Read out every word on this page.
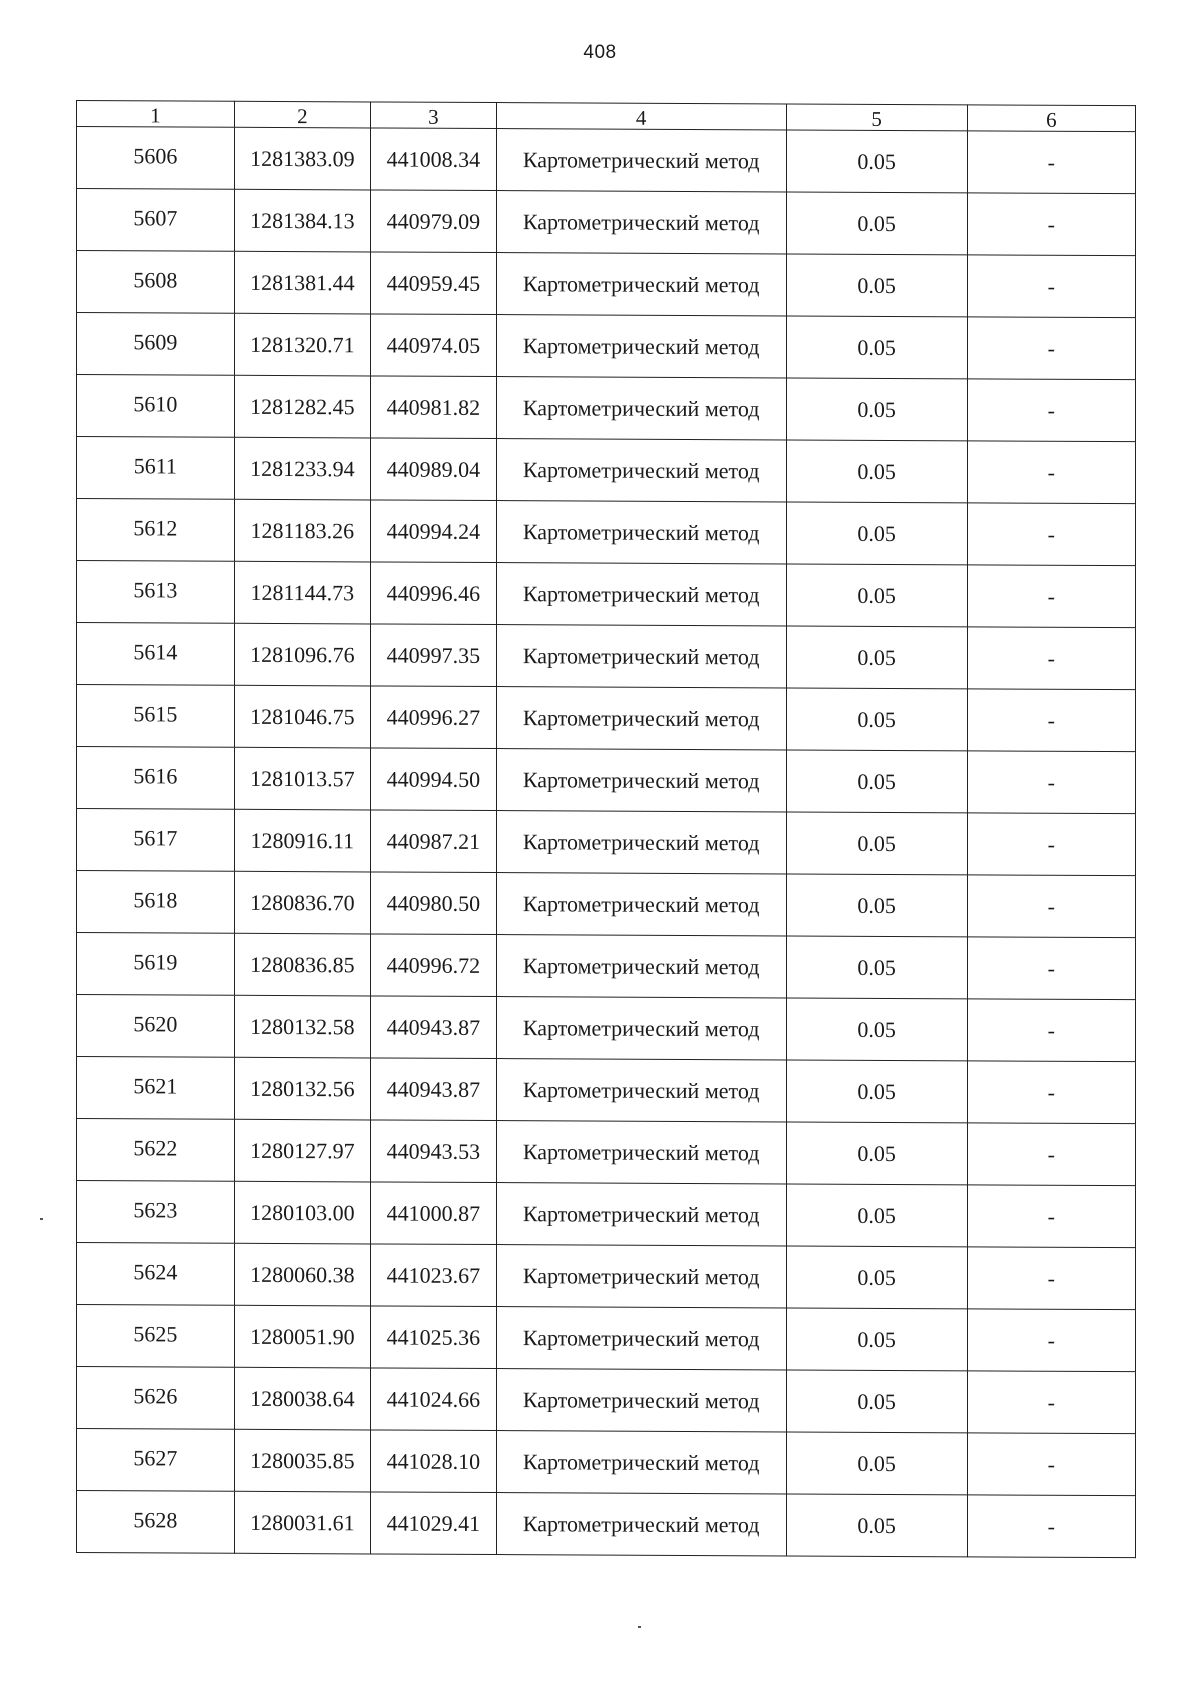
408
1	2	3	4	5	6
5606	1281383.09	441008.34	Картометрический метод	0.05	-
5607	1281384.13	440979.09	Картометрический метод	0.05	-
5608	1281381.44	440959.45	Картометрический метод	0.05	-
5609	1281320.71	440974.05	Картометрический метод	0.05	-
5610	1281282.45	440981.82	Картометрический метод	0.05	-
5611	1281233.94	440989.04	Картометрический метод	0.05	-
5612	1281183.26	440994.24	Картометрический метод	0.05	-
5613	1281144.73	440996.46	Картометрический метод	0.05	-
5614	1281096.76	440997.35	Картометрический метод	0.05	-
5615	1281046.75	440996.27	Картометрический метод	0.05	-
5616	1281013.57	440994.50	Картометрический метод	0.05	-
5617	1280916.11	440987.21	Картометрический метод	0.05	-
5618	1280836.70	440980.50	Картометрический метод	0.05	-
5619	1280836.85	440996.72	Картометрический метод	0.05	-
5620	1280132.58	440943.87	Картометрический метод	0.05	-
5621	1280132.56	440943.87	Картометрический метод	0.05	-
5622	1280127.97	440943.53	Картометрический метод	0.05	-
5623	1280103.00	441000.87	Картометрический метод	0.05	-
5624	1280060.38	441023.67	Картометрический метод	0.05	-
5625	1280051.90	441025.36	Картометрический метод	0.05	-
5626	1280038.64	441024.66	Картометрический метод	0.05	-
5627	1280035.85	441028.10	Картометрический метод	0.05	-
5628	1280031.61	441029.41	Картометрический метод	0.05	-
